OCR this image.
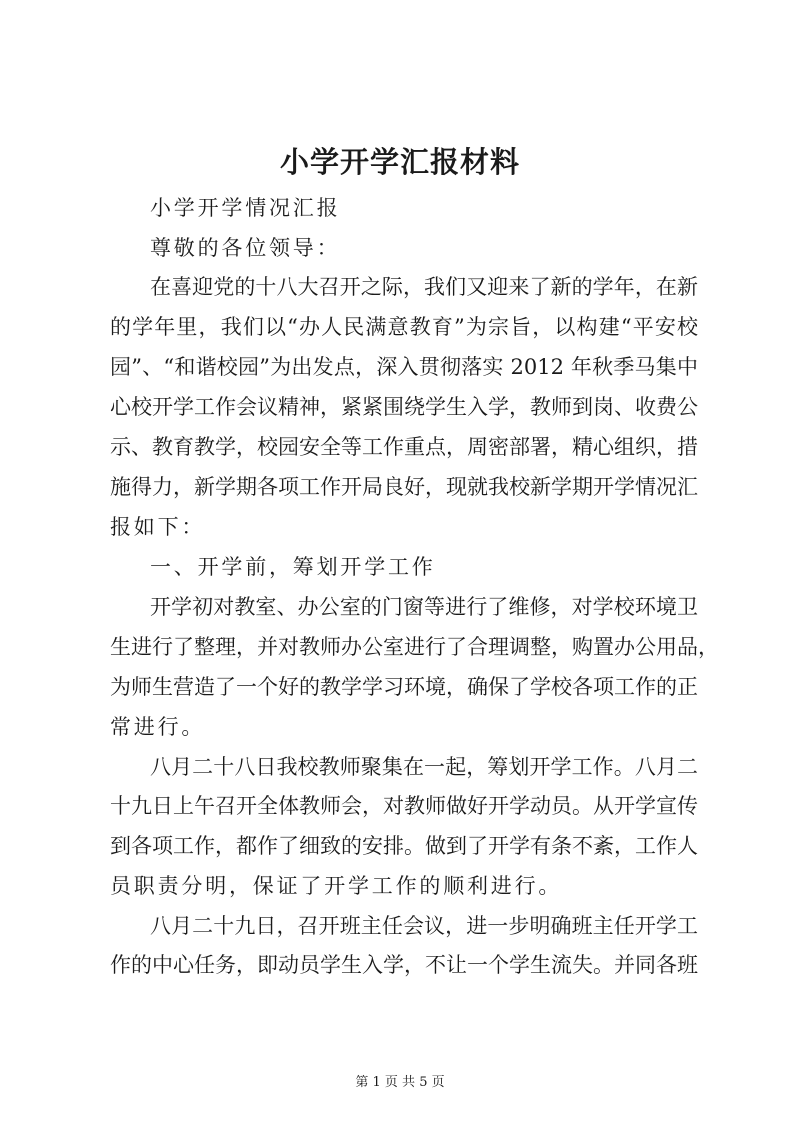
小学开学汇报材料
小学开学情况汇报
尊敬的各位领导：
在喜迎党的十八大召开之际，我们又迎来了新的学年，在新
的学年里，我们以“办人民满意教育”为宗旨，以构建“平安校
园”、“和谐校园”为出发点，深入贯彻落实 2012 年秋季马集中
心校开学工作会议精神，紧紧围绕学生入学，教师到岗、收费公
示、教育教学，校园安全等工作重点，周密部署，精心组织，措
施得力，新学期各项工作开局良好，现就我校新学期开学情况汇
报如下：
一、开学前，筹划开学工作
开学初对教室、办公室的门窗等进行了维修，对学校环境卫
生进行了整理，并对教师办公室进行了合理调整，购置办公用品，
为师生营造了一个好的教学学习环境，确保了学校各项工作的正
常进行。
八月二十八日我校教师聚集在一起，筹划开学工作。八月二
十九日上午召开全体教师会，对教师做好开学动员。从开学宣传
到各项工作，都作了细致的安排。做到了开学有条不紊，工作人
员职责分明，保证了开学工作的顺利进行。
八月二十九日，召开班主任会议，进一步明确班主任开学工
作的中心任务，即动员学生入学，不让一个学生流失。并同各班
第 1 页 共 5 页
